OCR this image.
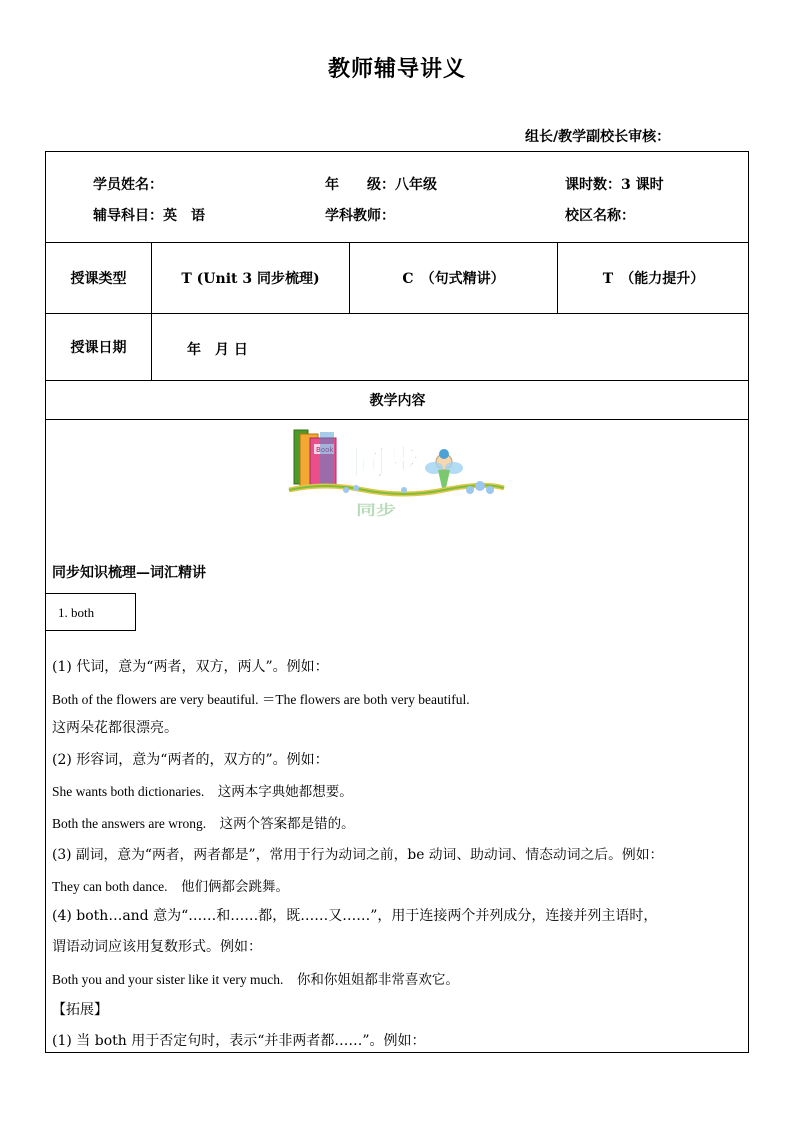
教师辅导讲义
组长/教学副校长审核：
学员姓名：	年　　级：八年级	课时数：3 课时
辅导科目：英　语	学科教师：	校区名称：
授课类型	T (Unit 3 同步梳理)	C　（句式精讲）	T　（能力提升）
授课日期	年　月 日
教学内容
Book 同步
同步
同步知识梳理—词汇精讲
1. both
(1) 代词，意为“两者，双方，两人”。例如：
Both of the flowers are very beautiful. ＝The flowers are both very beautiful.
这两朵花都很漂亮。
(2) 形容词，意为“两者的，双方的”。例如：
She wants both dictionaries.　这两本字典她都想要。
Both the answers are wrong.　这两个答案都是错的。
(3) 副词，意为“两者，两者都是”，常用于行为动词之前，be 动词、助动词、情态动词之后。例如：
They can both dance.　他们俩都会跳舞。
(4) both…and 意为“……和……都，既……又……”，用于连接两个并列成分，连接并列主语时，
谓语动词应该用复数形式。例如：
Both you and your sister like it very much.　你和你姐姐都非常喜欢它。
【拓展】
(1) 当 both 用于否定句时，表示“并非两者都……”。例如：
